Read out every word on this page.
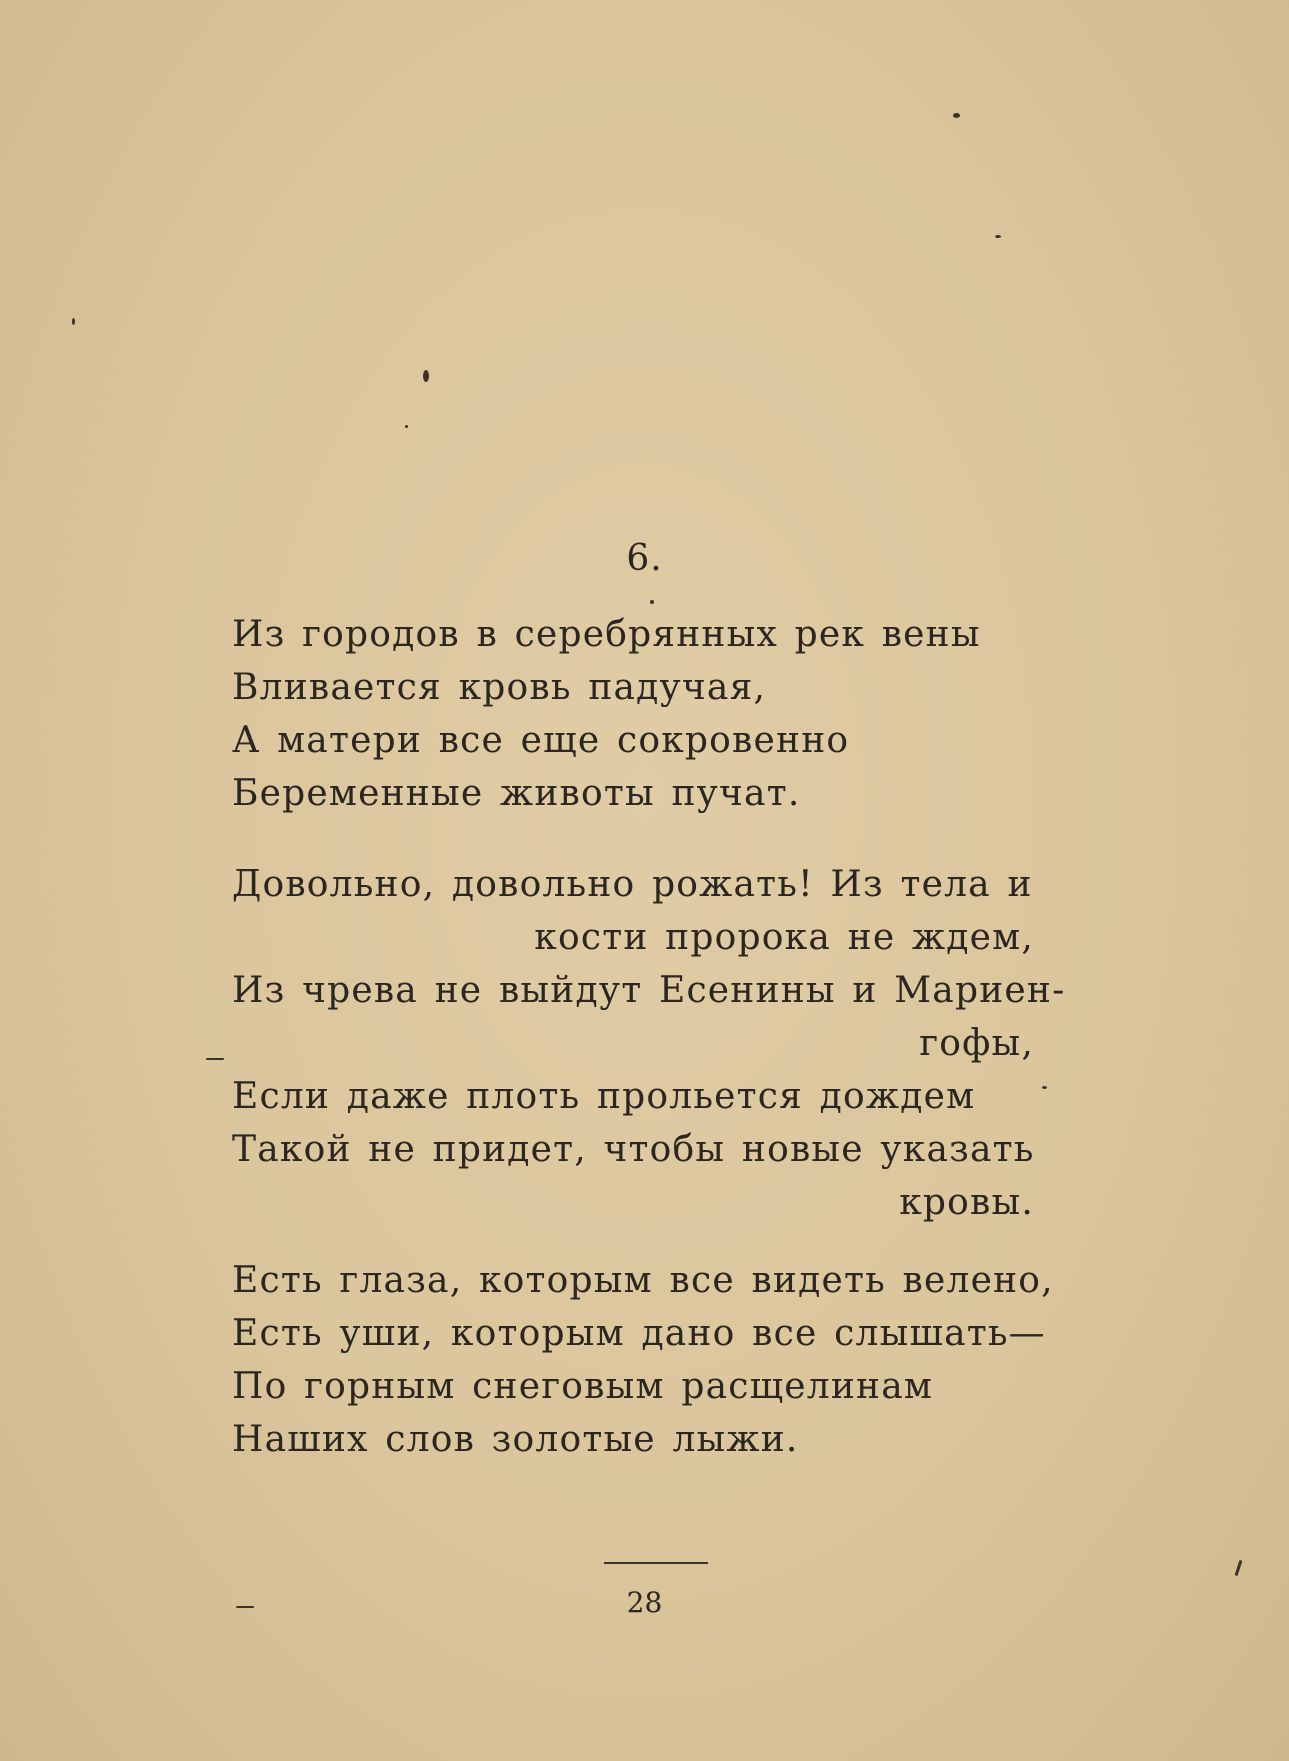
6.
Из городов в серебрянных рек вены
Вливается кровь падучая,
А матери все еще сокровенно
Беременные животы пучат.
Довольно, довольно рожать! Из тела и
кости пророка не ждем,
Из чрева не выйдут Есенины и Мариен-
гофы,
Если даже плоть прольется дождем
Такой не придет, чтобы новые указать
кровы.
Есть глаза, которым все видеть велено,
Есть уши, которым дано все слышать—
По горным снеговым расщелинам
Наших слов золотые лыжи.
28
